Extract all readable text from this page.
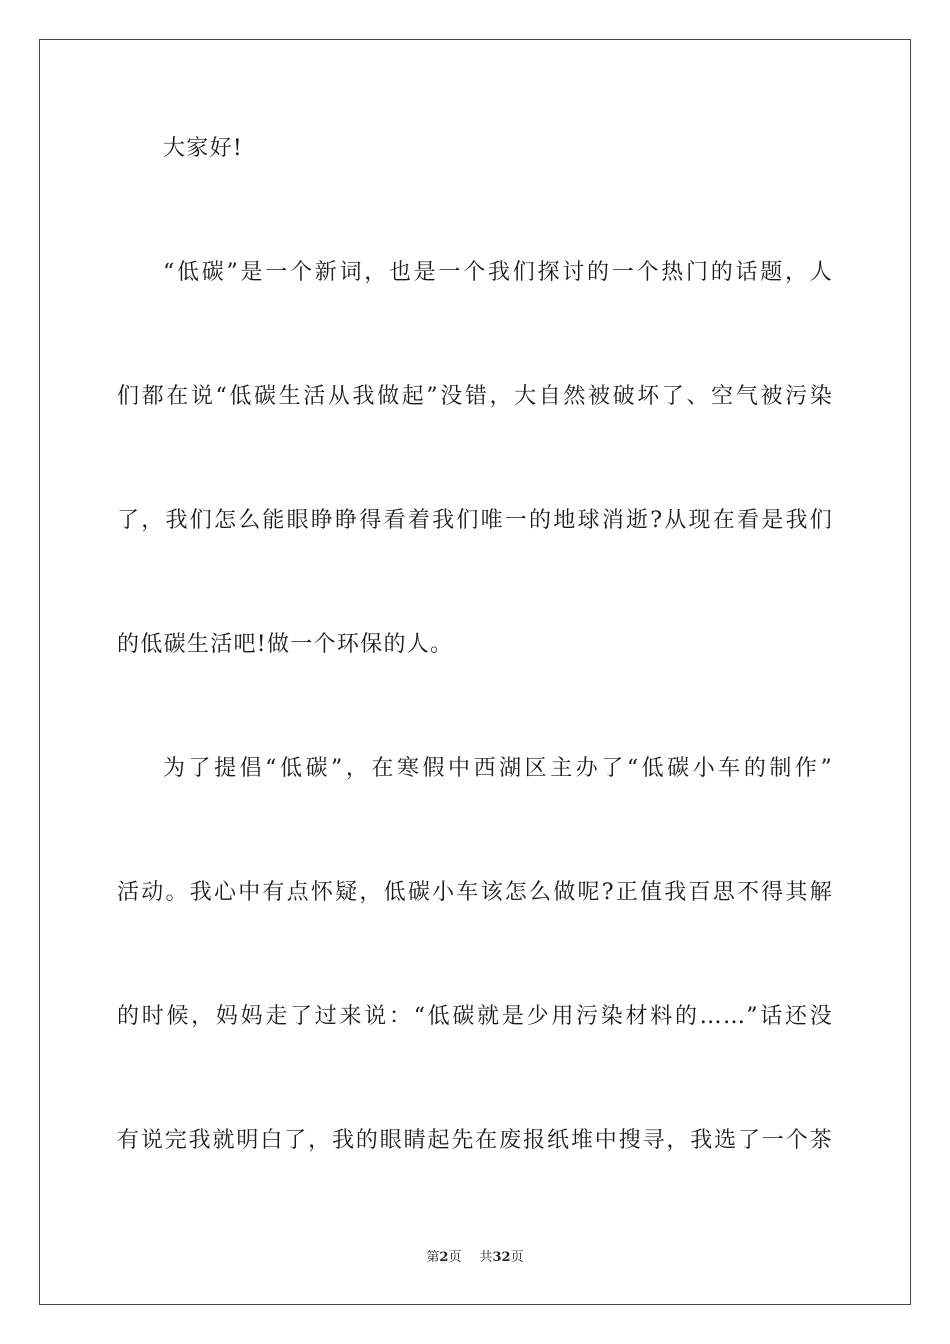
大家好!
“低碳”是一个新词，也是一个我们探讨的一个热门的话题，人
们都在说“低碳生活从我做起”没错，大自然被破坏了、空气被污染
了，我们怎么能眼睁睁得看着我们唯一的地球消逝?从现在看是我们
的低碳生活吧!做一个环保的人。
为了提倡“低碳”，在寒假中西湖区主办了“低碳小车的制作”
活动。我心中有点怀疑，低碳小车该怎么做呢?正值我百思不得其解
的时候，妈妈走了过来说：“低碳就是少用污染材料的……”话还没
有说完我就明白了，我的眼睛起先在废报纸堆中搜寻，我选了一个茶
第2页 共32页
